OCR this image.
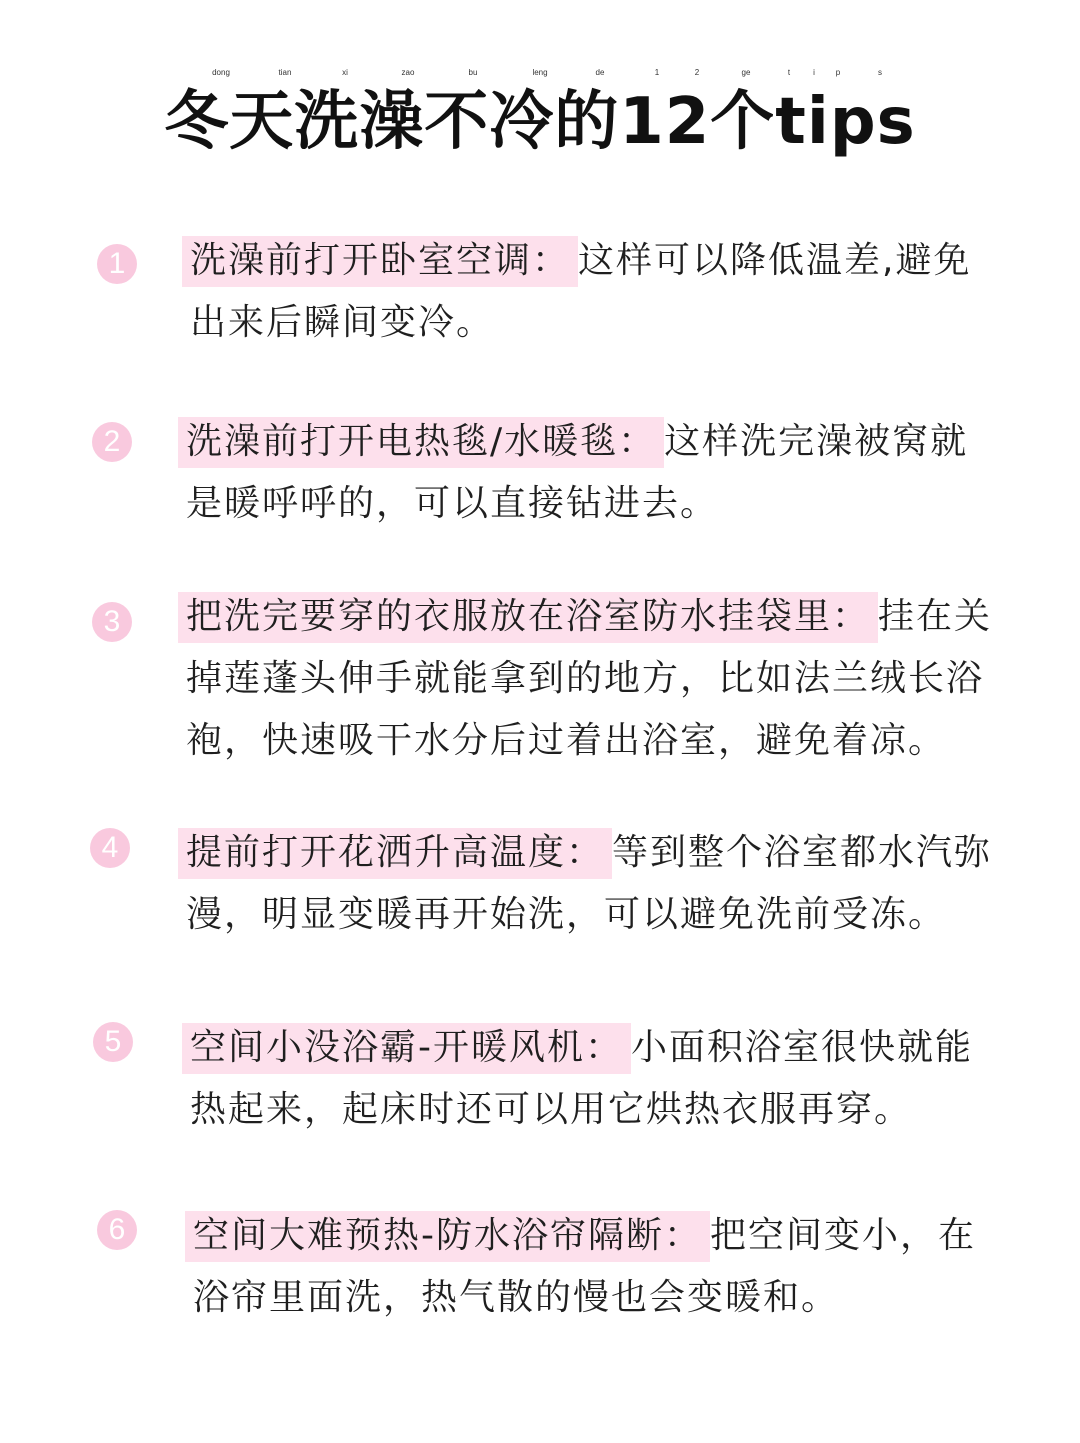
dong	tian	xi	zao	bu	leng	de	1	2	ge	t	i	p	s
冬天洗澡不冷的12个tips
1	洗澡前打开卧室空调： 这样可以降低温差,避免出来后瞬间变冷。
2	洗澡前打开电热毯/水暖毯： 这样洗完澡被窝就是暖呼呼的，可以直接钻进去。
3	把洗完要穿的衣服放在浴室防水挂袋里： 挂在关掉莲蓬头伸手就能拿到的地方，比如法兰绒长浴袍，快速吸干水分后过着出浴室，避免着凉。
4	提前打开花洒升高温度： 等到整个浴室都水汽弥漫，明显变暖再开始洗，可以避免洗前受冻。
5	空间小没浴霸-开暖风机： 小面积浴室很快就能热起来，起床时还可以用它烘热衣服再穿。
6	空间大难预热-防水浴帘隔断： 把空间变小，在浴帘里面洗，热气散的慢也会变暖和。
